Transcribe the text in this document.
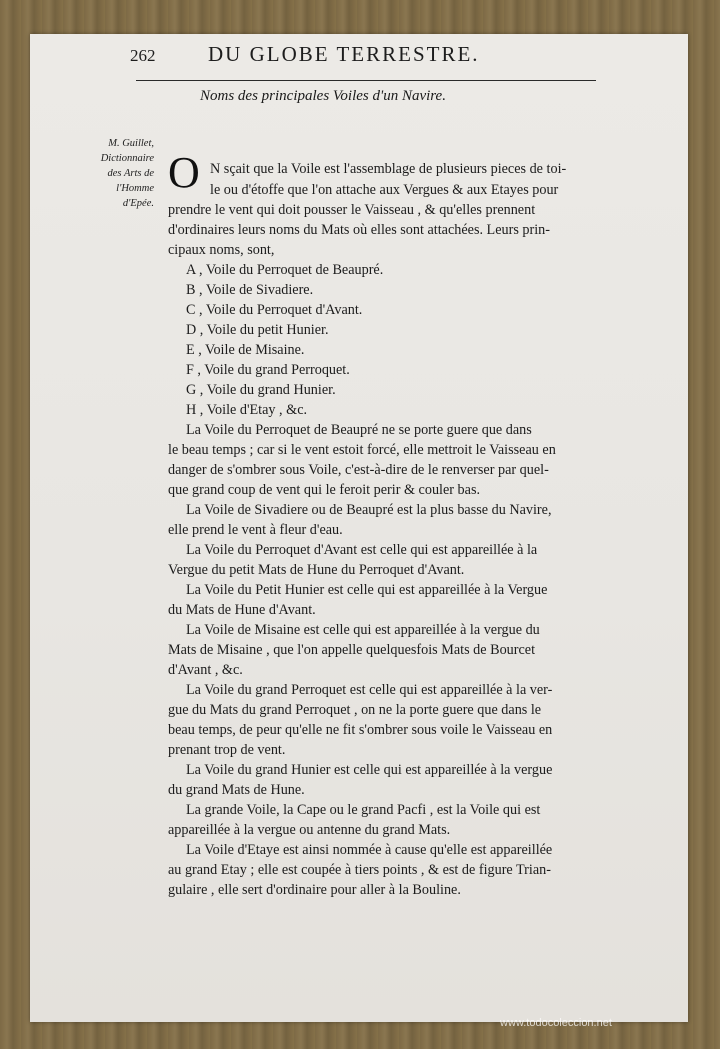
262	DU GLOBE TERRESTRE.
Noms des principales Voiles d'un Navire.
M. Guillet,
Dictionnaire
des Arts de
l'Homme
d'Epée.
O N sçait que la Voile est l'assemblage de plusieurs pieces de toi-
le ou d'étoffe que l'on attache aux Vergues & aux Etayes pour
prendre le vent qui doit pousser le Vaisseau , & qu'elles prennent
d'ordinaires leurs noms du Mats où elles sont attachées. Leurs prin-
cipaux noms, sont,
A , Voile du Perroquet de Beaupré.
B , Voile de Sivadiere.
C , Voile du Perroquet d'Avant.
D , Voile du petit Hunier.
E , Voile de Misaine.
F , Voile du grand Perroquet.
G , Voile du grand Hunier.
H , Voile d'Etay , &c.
La Voile du Perroquet de Beaupré ne se porte guere que dans
le beau temps ; car si le vent estoit forcé, elle mettroit le Vaisseau en
danger de s'ombrer sous Voile, c'est-à-dire de le renverser par quel-
que grand coup de vent qui le feroit perir & couler bas.
La Voile de Sivadiere ou de Beaupré est la plus basse du Navire,
elle prend le vent à fleur d'eau.
La Voile du Perroquet d'Avant est celle qui est appareillée à la
Vergue du petit Mats de Hune du Perroquet d'Avant.
La Voile du Petit Hunier est celle qui est appareillée à la Vergue
du Mats de Hune d'Avant.
La Voile de Misaine est celle qui est appareillée à la vergue du
Mats de Misaine , que l'on appelle quelquesfois Mats de Bourcet
d'Avant , &c.
La Voile du grand Perroquet est celle qui est appareillée à la ver-
gue du Mats du grand Perroquet , on ne la porte guere que dans le
beau temps, de peur qu'elle ne fit s'ombrer sous voile le Vaisseau en
prenant trop de vent.
La Voile du grand Hunier est celle qui est appareillée à la vergue
du grand Mats de Hune.
La grande Voile, la Cape ou le grand Pacfi , est la Voile qui est
appareillée à la vergue ou antenne du grand Mats.
La Voile d'Etaye est ainsi nommée à cause qu'elle est appareillée
au grand Etay ; elle est coupée à tiers points , & est de figure Trian-
gulaire , elle sert d'ordinaire pour aller à la Bouline.
www.todocoleccion.net
